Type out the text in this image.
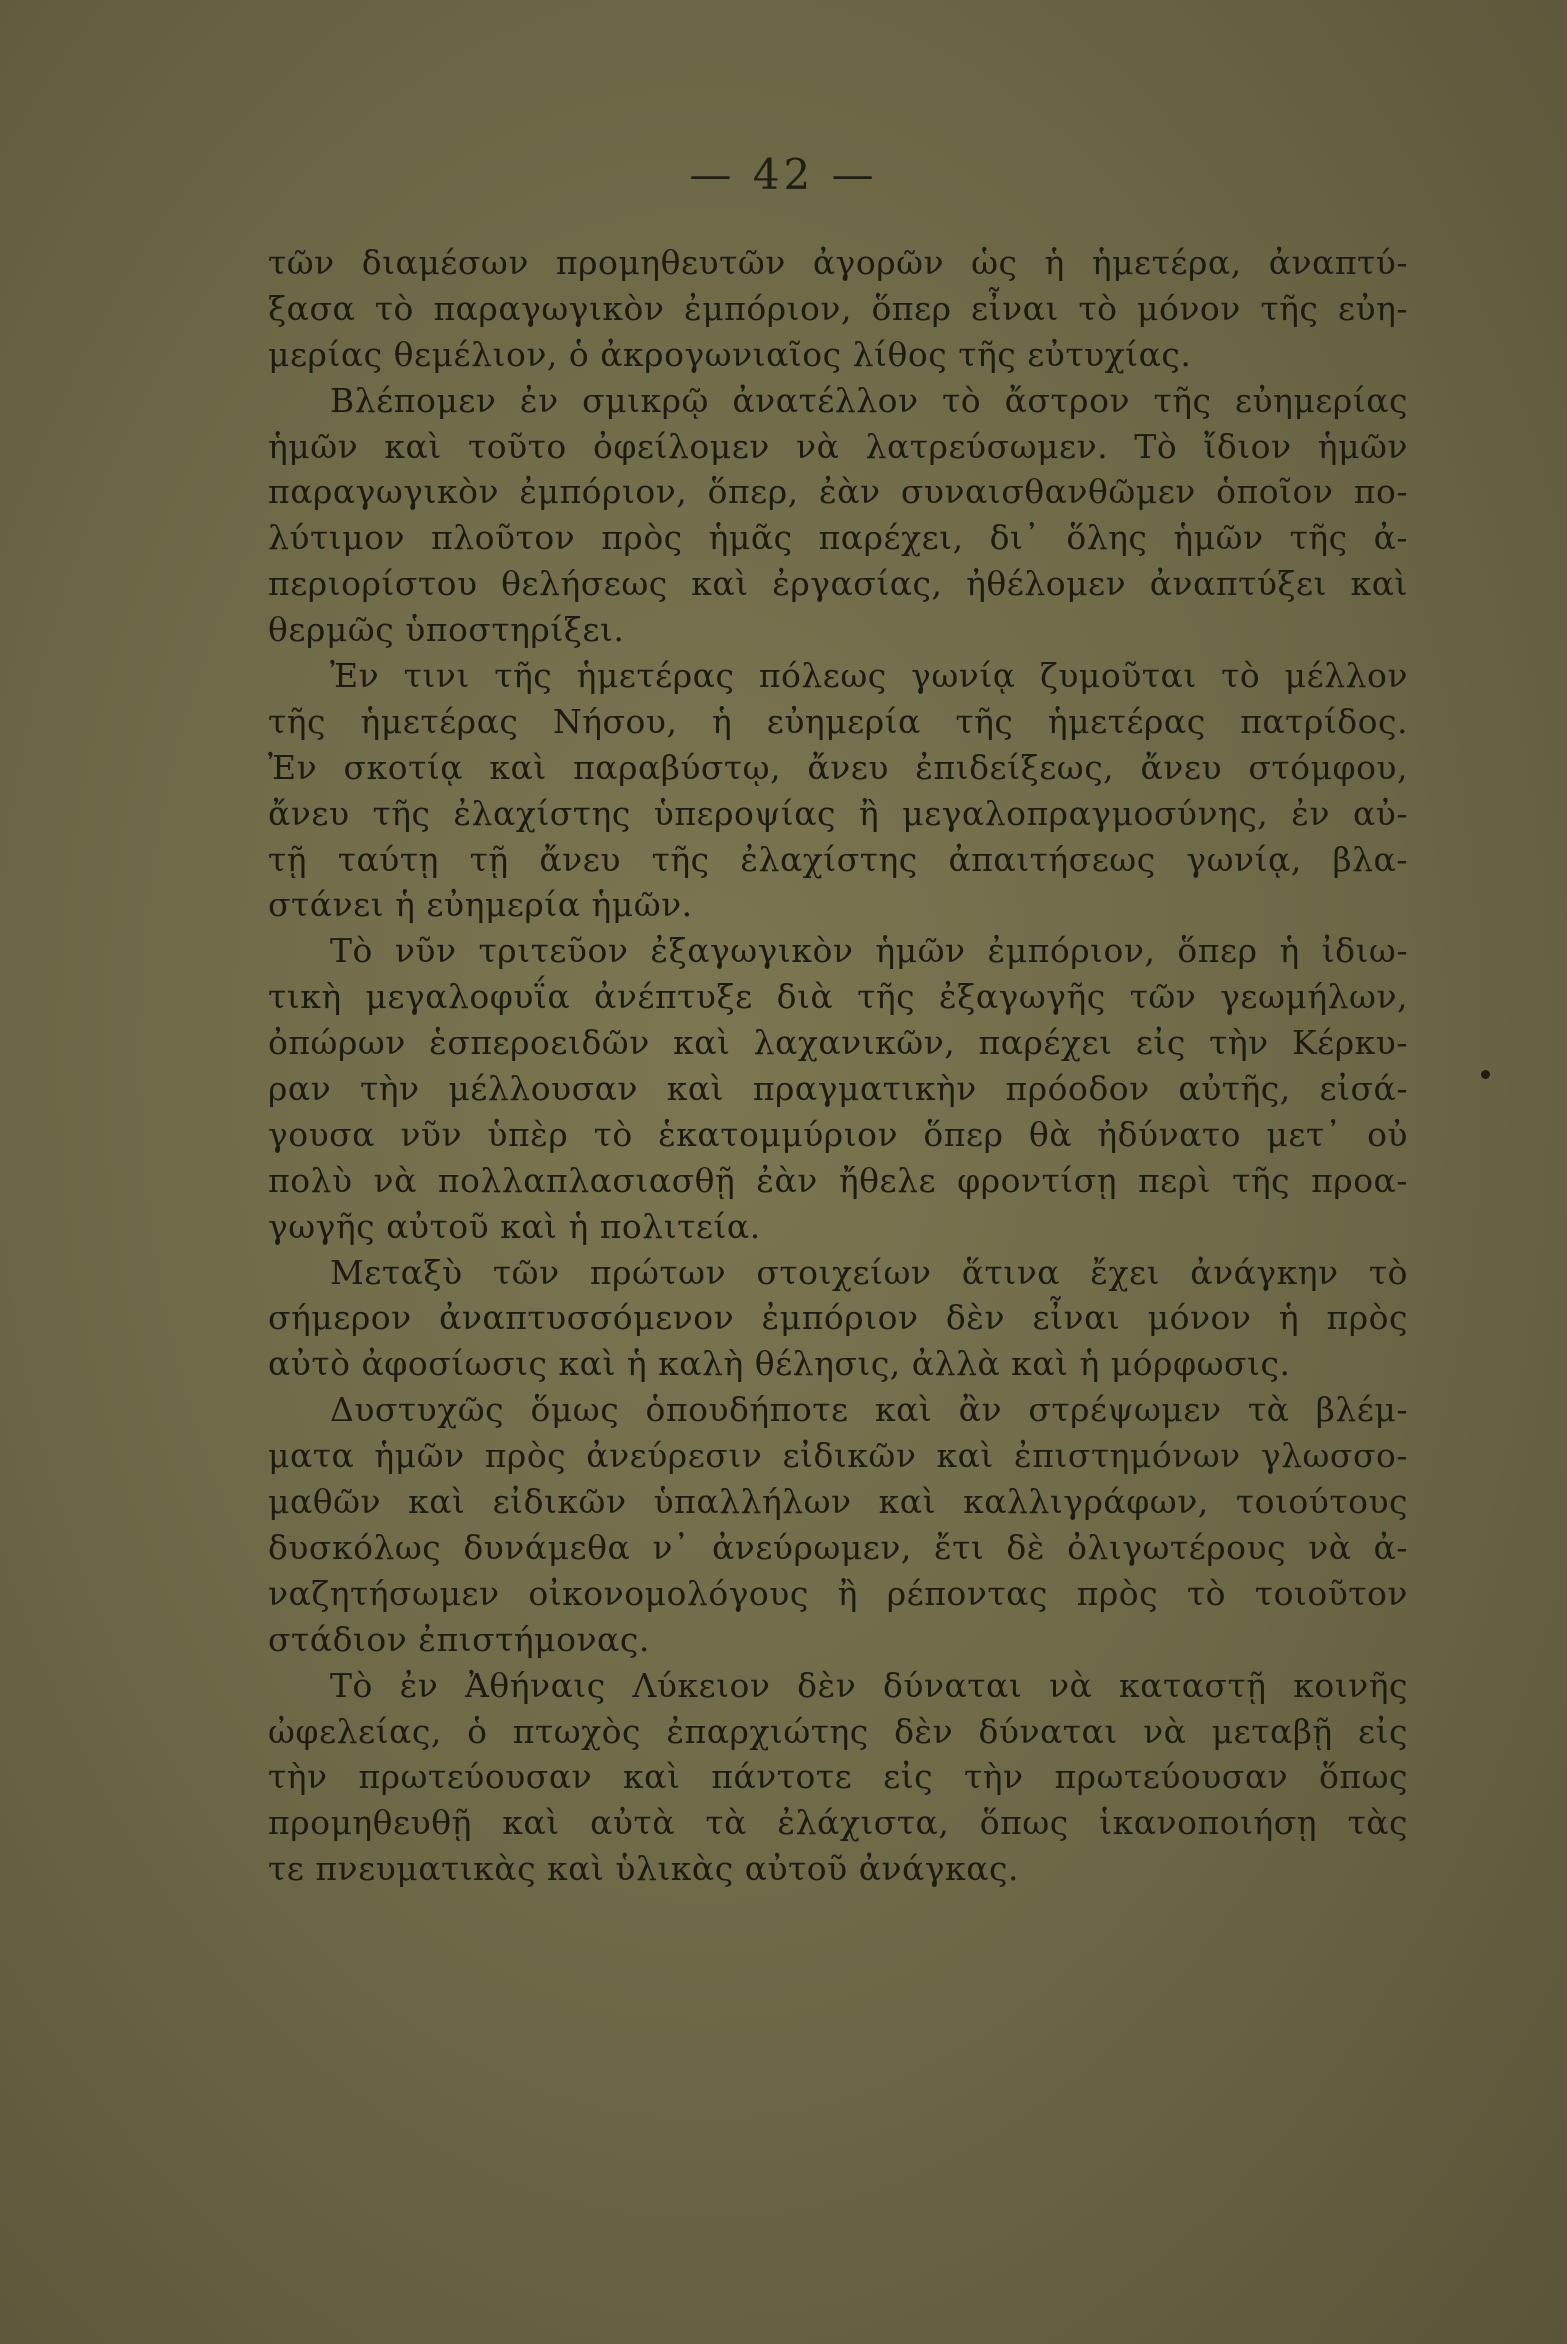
— 42 —
τῶν διαμέσων προμηθευτῶν ἀγορῶν ὡς ἡ ἡμετέρα, ἀναπτύ-
ξασα τὸ παραγωγικὸν ἐμπόριον, ὅπερ εἶναι τὸ μόνον τῆς εὐη-
μερίας θεμέλιον, ὁ ἀκρογωνιαῖος λίθος τῆς εὐτυχίας.
Βλέπομεν ἐν σμικρῷ ἀνατέλλον τὸ ἄστρον τῆς εὐημερίας
ἡμῶν καὶ τοῦτο ὀφείλομεν νὰ λατρεύσωμεν. Τὸ ἴδιον ἡμῶν
παραγωγικὸν ἐμπόριον, ὅπερ, ἐὰν συναισθανθῶμεν ὁποῖον πο-
λύτιμον πλοῦτον πρὸς ἡμᾶς παρέχει, δι᾽ ὅλης ἡμῶν τῆς ἀ-
περιορίστου θελήσεως καὶ ἐργασίας, ἠθέλομεν ἀναπτύξει καὶ
θερμῶς ὑποστηρίξει.
Ἐν τινι τῆς ἡμετέρας πόλεως γωνίᾳ ζυμοῦται τὸ μέλλον
τῆς ἡμετέρας Νήσου, ἡ εὐημερία τῆς ἡμετέρας πατρίδος.
Ἐν σκοτίᾳ καὶ παραβύστῳ, ἄνευ ἐπιδείξεως, ἄνευ στόμφου,
ἄνευ τῆς ἐλαχίστης ὑπεροψίας ἢ μεγαλοπραγμοσύνης, ἐν αὐ-
τῇ ταύτῃ τῇ ἄνευ τῆς ἐλαχίστης ἀπαιτήσεως γωνίᾳ, βλα-
στάνει ἡ εὐημερία ἡμῶν.
Τὸ νῦν τριτεῦον ἐξαγωγικὸν ἡμῶν ἐμπόριον, ὅπερ ἡ ἰδιω-
τικὴ μεγαλοφυΐα ἀνέπτυξε διὰ τῆς ἐξαγωγῆς τῶν γεωμήλων,
ὀπώρων ἑσπεροειδῶν καὶ λαχανικῶν, παρέχει εἰς τὴν Κέρκυ-
ραν τὴν μέλλουσαν καὶ πραγματικὴν πρόοδον αὐτῆς, εἰσά-
γουσα νῦν ὑπὲρ τὸ ἑκατομμύριον ὅπερ θὰ ἠδύνατο μετ᾽ οὐ
πολὺ νὰ πολλαπλασιασθῇ ἐὰν ἤθελε φροντίσῃ περὶ τῆς προα-
γωγῆς αὐτοῦ καὶ ἡ πολιτεία.
Μεταξὺ τῶν πρώτων στοιχείων ἅτινα ἔχει ἀνάγκην τὸ
σήμερον ἀναπτυσσόμενον ἐμπόριον δὲν εἶναι μόνον ἡ πρὸς
αὐτὸ ἀφοσίωσις καὶ ἡ καλὴ θέλησις, ἀλλὰ καὶ ἡ μόρφωσις.
Δυστυχῶς ὅμως ὁπουδήποτε καὶ ἂν στρέψωμεν τὰ βλέμ-
ματα ἡμῶν πρὸς ἀνεύρεσιν εἰδικῶν καὶ ἐπιστημόνων γλωσσο-
μαθῶν καὶ εἰδικῶν ὑπαλλήλων καὶ καλλιγράφων, τοιούτους
δυσκόλως δυνάμεθα ν᾽ ἀνεύρωμεν, ἔτι δὲ ὀλιγωτέρους νὰ ἀ-
ναζητήσωμεν οἰκονομολόγους ἢ ρέποντας πρὸς τὸ τοιοῦτον
στάδιον ἐπιστήμονας.
Τὸ ἐν Ἀθήναις Λύκειον δὲν δύναται νὰ καταστῇ κοινῆς
ὠφελείας, ὁ πτωχὸς ἐπαρχιώτης δὲν δύναται νὰ μεταβῇ εἰς
τὴν πρωτεύουσαν καὶ πάντοτε εἰς τὴν πρωτεύουσαν ὅπως
προμηθευθῇ καὶ αὐτὰ τὰ ἐλάχιστα, ὅπως ἱκανοποιήσῃ τὰς
τε πνευματικὰς καὶ ὑλικὰς αὐτοῦ ἀνάγκας.
